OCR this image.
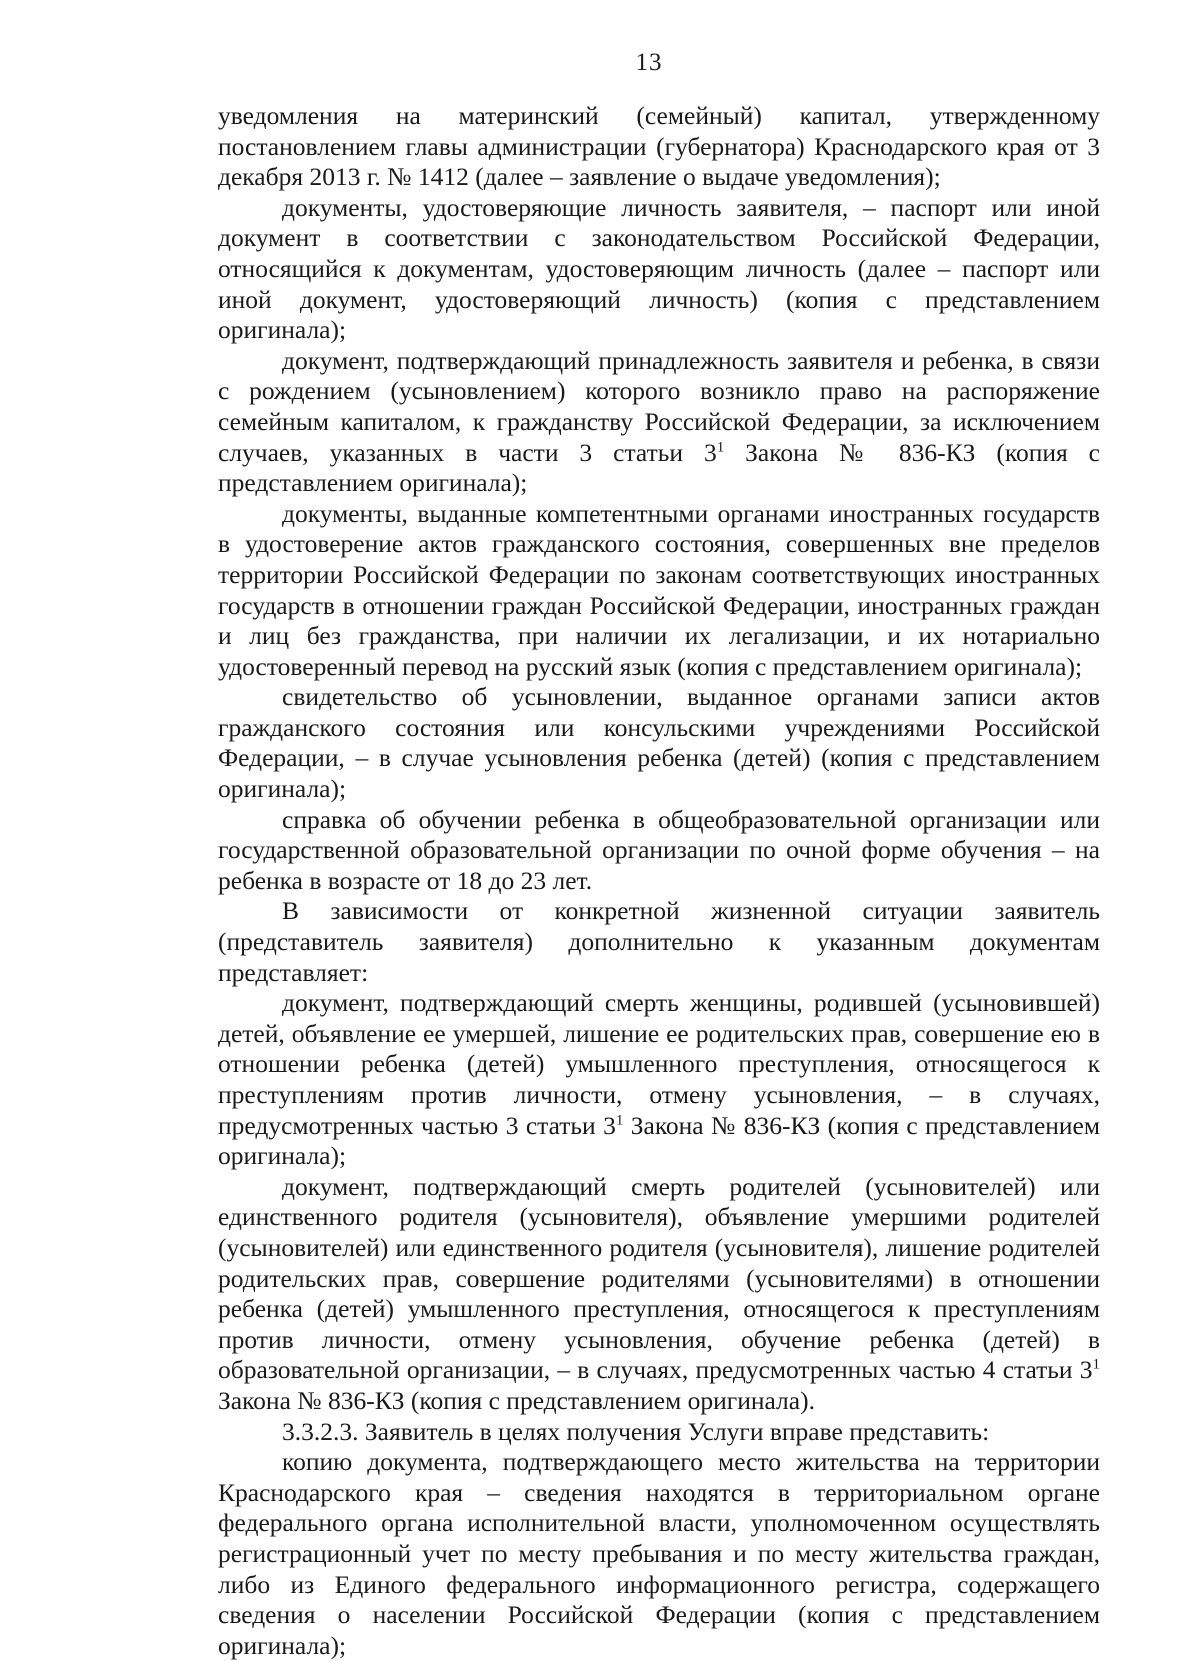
13

уведомления на материнский (семейный) капитал, утвержденному постановлением главы администрации (губернатора) Краснодарского края от 3 декабря 2013 г. № 1412 (далее – заявление о выдаче уведомления);

документы, удостоверяющие личность заявителя, – паспорт или иной документ в соответствии с законодательством Российской Федерации, относящийся к документам, удостоверяющим личность (далее – паспорт или иной документ, удостоверяющий личность) (копия с представлением оригинала);

документ, подтверждающий принадлежность заявителя и ребенка, в связи с рождением (усыновлением) которого возникло право на распоряжение семейным капиталом, к гражданству Российской Федерации, за исключением случаев, указанных в части 3 статьи $3^1$ Закона № 836-КЗ (копия с представлением оригинала);

документы, выданные компетентными органами иностранных государств в удостоверение актов гражданского состояния, совершенных вне пределов территории Российской Федерации по законам соответствующих иностранных государств в отношении граждан Российской Федерации, иностранных граждан и лиц без гражданства, при наличии их легализации, и их нотариально удостоверенный перевод на русский язык (копия с представлением оригинала);

свидетельство об усыновлении, выданное органами записи актов гражданского состояния или консульскими учреждениями Российской Федерации, – в случае усыновления ребенка (детей) (копия с представлением оригинала);

справка об обучении ребенка в общеобразовательной организации или государственной образовательной организации по очной форме обучения – на ребенка в возрасте от 18 до 23 лет.

В зависимости от конкретной жизненной ситуации заявитель (представитель заявителя) дополнительно к указанным документам представляет:

документ, подтверждающий смерть женщины, родившей (усыновившей) детей, объявление ее умершей, лишение ее родительских прав, совершение ею в отношении ребенка (детей) умышленного преступления, относящегося к преступлениям против личности, отмену усыновления, – в случаях, предусмотренных частью 3 статьи $3^1$ Закона № 836-КЗ (копия с представлением оригинала);

документ, подтверждающий смерть родителей (усыновителей) или единственного родителя (усыновителя), объявление умершими родителей (усыновителей) или единственного родителя (усыновителя), лишение родителей родительских прав, совершение родителями (усыновителями) в отношении ребенка (детей) умышленного преступления, относящегося к преступлениям против личности, отмену усыновления, обучение ребенка (детей) в образовательной организации, – в случаях, предусмотренных частью 4 статьи $3^1$ Закона № 836-КЗ (копия с представлением оригинала).

3.3.2.3. Заявитель в целях получения Услуги вправе представить:

копию документа, подтверждающего место жительства на территории Краснодарского края – сведения находятся в территориальном органе федерального органа исполнительной власти, уполномоченном осуществлять регистрационный учет по месту пребывания и по месту жительства граждан, либо из Единого федерального информационного регистра, содержащего сведения о населении Российской Федерации (копия с представлением оригинала);
